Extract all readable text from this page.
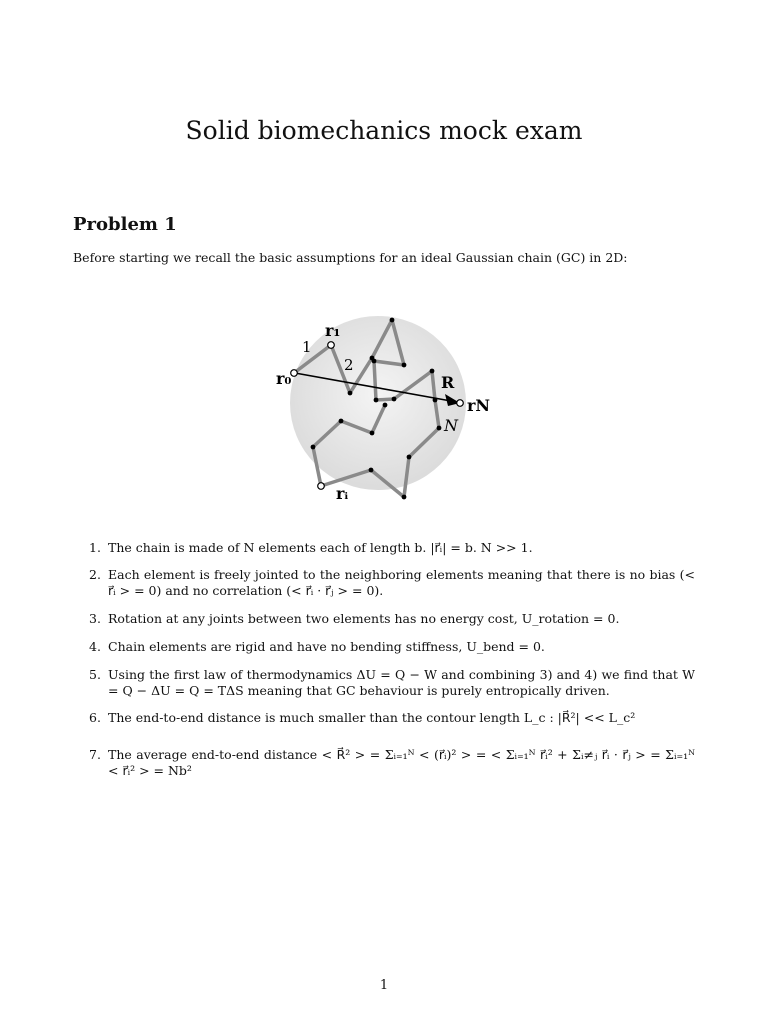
Solid biomechanics mock exam
Problem 1

Before starting we recall the basic assumptions for an ideal Gaussian chain (GC) in 2D:

r₁
1
2
r₀	R
rN
N
rᵢ
1. The chain is made of N elements each of length b. |r⃗ᵢ| = b. N >> 1.
2. Each element is freely jointed to the neighboring elements meaning that there is no bias (< r⃗ᵢ > = 0) and no correlation (< r⃗ᵢ · r⃗ⱼ > = 0).
3. Rotation at any joints between two elements has no energy cost, U_rotation = 0.
4. Chain elements are rigid and have no bending stiffness, U_bend = 0.
5. Using the first law of thermodynamics ΔU = Q − W and combining 3) and 4) we find that W = Q − ΔU = Q = TΔS meaning that GC behaviour is purely entropically driven.
6. The end-to-end distance is much smaller than the contour length L_c : |R⃗²| << L_c²
7. The average end-to-end distance < R⃗² > = Σᵢ₌₁ᴺ < (r⃗ᵢ)² > = < Σᵢ₌₁ᴺ r⃗ᵢ² + Σᵢ≠ⱼ r⃗ᵢ · r⃗ⱼ > = Σᵢ₌₁ᴺ < r⃗ᵢ² > = Nb²
1
